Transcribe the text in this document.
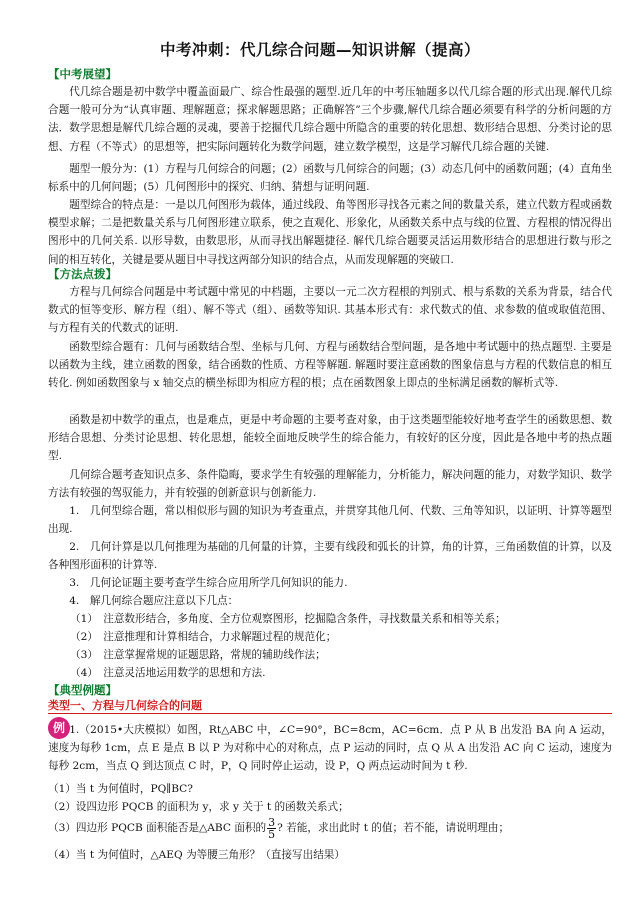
中考冲刺：代几综合问题—知识讲解（提高）
【中考展望】

代几综合题是初中数学中覆盖面最广、综合性最强的题型.近几年的中考压轴题多以代几综合题的形式出现.解代几综合题一般可分为“认真审题、理解题意；探求解题思路；正确解答”三个步骤,解代几综合题必须要有科学的分析问题的方法．数学思想是解代几综合题的灵魂，要善于挖掘代几综合题中所隐含的重要的转化思想、数形结合思想、分类讨论的思想、方程（不等式）的思想等，把实际问题转化为数学问题，建立数学模型，这是学习解代几综合题的关键.

题型一般分为：(1）方程与几何综合的问题；(2）函数与几何综合的问题；(3）动态几何中的函数问题；(4）直角坐标系中的几何问题；(5）几何图形中的探究、归纳、猜想与证明问题.

题型综合的特点是：一是以几何图形为载体，通过线段、角等图形寻找各元素之间的数量关系，建立代数方程或函数模型求解；二是把数量关系与几何图形建立联系，使之直观化、形象化，从函数关系中点与线的位置、方程根的情况得出图形中的几何关系. 以形导数，由数思形，从而寻找出解题捷径. 解代几综合题要灵活运用数形结合的思想进行数与形之间的相互转化，关键是要从题目中寻找这两部分知识的结合点，从而发现解题的突破口.

【方法点拨】

方程与几何综合问题是中考试题中常见的中档题，主要以一元二次方程根的判别式、根与系数的关系为背景，结合代数式的恒等变形、解方程（组）、解不等式（组）、函数等知识. 其基本形式有：求代数式的值、求参数的值或取值范围、与方程有关的代数式的证明.

函数型综合题有：几何与函数结合型、坐标与几何、方程与函数结合型问题，是各地中考试题中的热点题型. 主要是以函数为主线，建立函数的图象，结合函数的性质、方程等解题. 解题时要注意函数的图象信息与方程的代数信息的相互转化. 例如函数图象与 x 轴交点的横坐标即为相应方程的根；点在函数图象上即点的坐标满足函数的解析式等.

函数是初中数学的重点，也是难点，更是中考命题的主要考查对象，由于这类题型能较好地考查学生的函数思想、数形结合思想、分类讨论思想、转化思想，能较全面地反映学生的综合能力，有较好的区分度，因此是各地中考的热点题型.

几何综合题考查知识点多、条件隐晦，要求学生有较强的理解能力，分析能力，解决问题的能力，对数学知识、数学方法有较强的驾驭能力，并有较强的创新意识与创新能力.

1.　几何型综合题，常以相似形与圆的知识为考查重点，并贯穿其他几何、代数、三角等知识，以证明、计算等题型出现.

2.　几何计算是以几何推理为基础的几何量的计算，主要有线段和弧长的计算，角的计算，三角函数值的计算，以及各种图形面积的计算等.

3.　几何论证题主要考查学生综合应用所学几何知识的能力.

4.　解几何综合题应注意以下几点：

（1）　注意数形结合，多角度、全方位观察图形，挖掘隐含条件，寻找数量关系和相等关系；
（2）　注意推理和计算相结合，力求解题过程的规范化；
（3）　注意掌握常规的证题思路，常规的辅助线作法；
（4）　注意灵活地运用数学的思想和方法.
【典型例题】
类型一、方程与几何综合的问题
例 1.（2015•大庆模拟）如图，Rt△ABC 中，∠C=90°，BC=8cm，AC=6cm．点 P 从 B 出发沿 BA 向 A 运动，速度为每秒 1cm，点 E 是点 B 以 P 为对称中心的对称点，点 P 运动的同时，点 Q 从 A 出发沿 AC 向 C 运动，速度为每秒 2cm，当点 Q 到达顶点 C 时，P，Q 同时停止运动，设 P，Q 两点运动时间为 t 秒.

（1）当 t 为何值时，PQ∥BC?
（2）设四边形 PQCB 的面积为 y，求 y 关于 t 的函数关系式；
（3）四边形 PQCB 面积能否是△ABC 面积的 $\frac{3}{5}$ ? 若能，求出此时 t 的值；若不能，请说明理由；
（4）当 t 为何值时，△AEQ 为等腰三角形？（直接写出结果）
